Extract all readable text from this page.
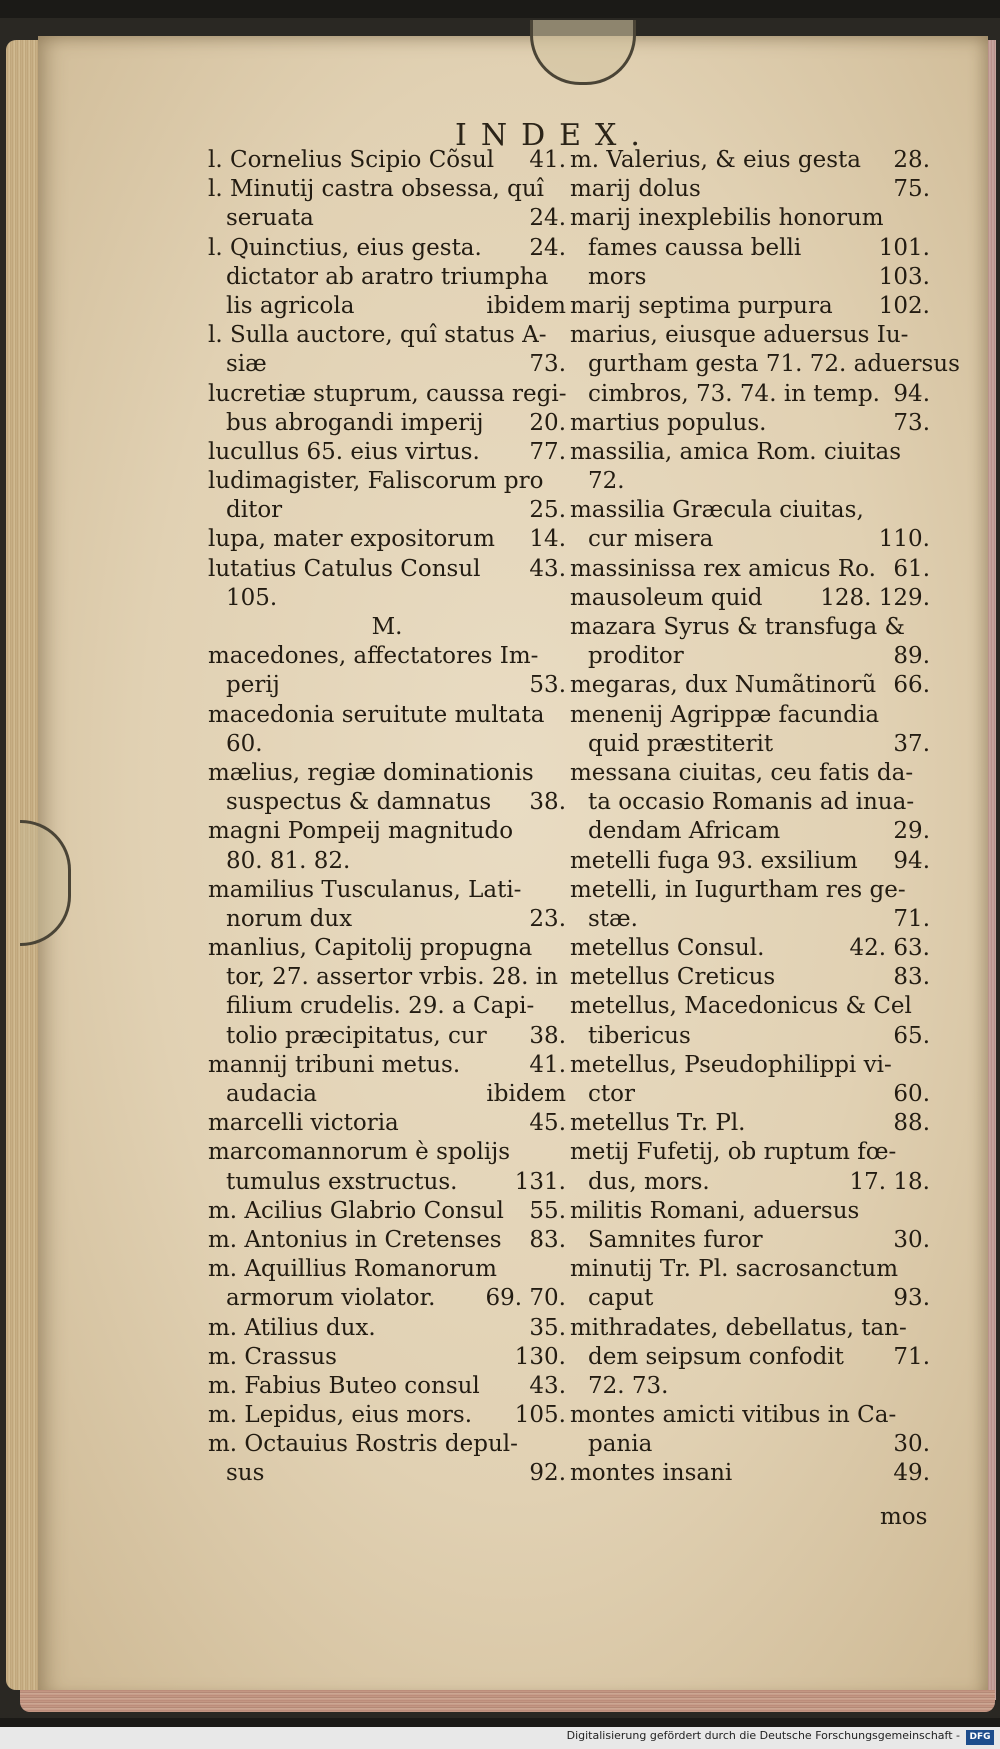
INDEX.
l. Cornelius Scipio Cõsul 41.
l. Minutij castra obsessa, quî
seruata	24.
l. Quinctius, eius gesta. 24.
dictator ab aratro triumpha
lis agricola	ibidem
l. Sulla auctore, quî status A-
siæ	73.
lucretiæ stuprum, caussa regi-
bus abrogandi imperij 20.
lucullus 65. eius virtus. 77.
ludimagister, Faliscorum pro
ditor	25.
lupa, mater expositorum 14.
lutatius Catulus Consul 43.
105.
M.
macedones, affectatores Im-
perij	53.
macedonia seruitute multata
60.
mælius, regiæ dominationis
suspectus & damnatus 38.
magni Pompeij magnitudo
80. 81. 82.
mamilius Tusculanus, Lati-
norum dux	23.
manlius, Capitolij propugna
tor, 27. assertor vrbis. 28. in
filium crudelis. 29. a Capi-
tolio præcipitatus, cur 38.
mannij tribuni metus.	41.
audacia	ibidem
marcelli victoria	45.
marcomannorum è spolijs
tumulus exstructus. 131.
m. Acilius Glabrio Consul 55.
m. Antonius in Cretenses 83.
m. Aquillius Romanorum
armorum violator. 69. 70.
m. Atilius dux.	35.
m. Crassus	130.
m. Fabius Buteo consul 43.
m. Lepidus, eius mors. 105.
m. Octauius Rostris depul-
sus	92.
m. Valerius, & eius gesta 28.
marij dolus	75.
marij inexplebilis honorum
fames caussa belli	101.
mors	103.
marij septima purpura 102.
marius, eiusque aduersus Iu-
gurtham gesta 71. 72. aduersus
cimbros, 73. 74. in temp. 94.
martius populus.	73.
massilia, amica Rom. ciuitas
72.
massilia Græcula ciuitas,
cur misera	110.
massinissa rex amicus Ro. 61.
mausoleum quid	128. 129.
mazara Syrus & transfuga &
proditor	89.
megaras, dux Numãtinorũ 66.
menenij Agrippæ facundia
quid præstiterit	37.
messana ciuitas, ceu fatis da-
ta occasio Romanis ad inua-
dendam Africam	29.
metelli fuga 93. exsilium 94.
metelli, in Iugurtham res ge-
stæ.	71.
metellus Consul.	42. 63.
metellus Creticus	83.
metellus, Macedonicus & Cel
tibericus	65.
metellus, Pseudophilippi vi-
ctor	60.
metellus Tr. Pl.	88.
metij Fufetij, ob ruptum fœ-
dus, mors.	17. 18.
militis Romani, aduersus
Samnites furor	30.
minutij Tr. Pl. sacrosanctum
caput	93.
mithradates, debellatus, tan-
dem seipsum confodit 71.
72. 73.
montes amicti vitibus in Ca-
pania	30.
montes insani	49.
mos
Digitalisierung gefördert durch die Deutsche Forschungsgemeinschaft -	DFG
